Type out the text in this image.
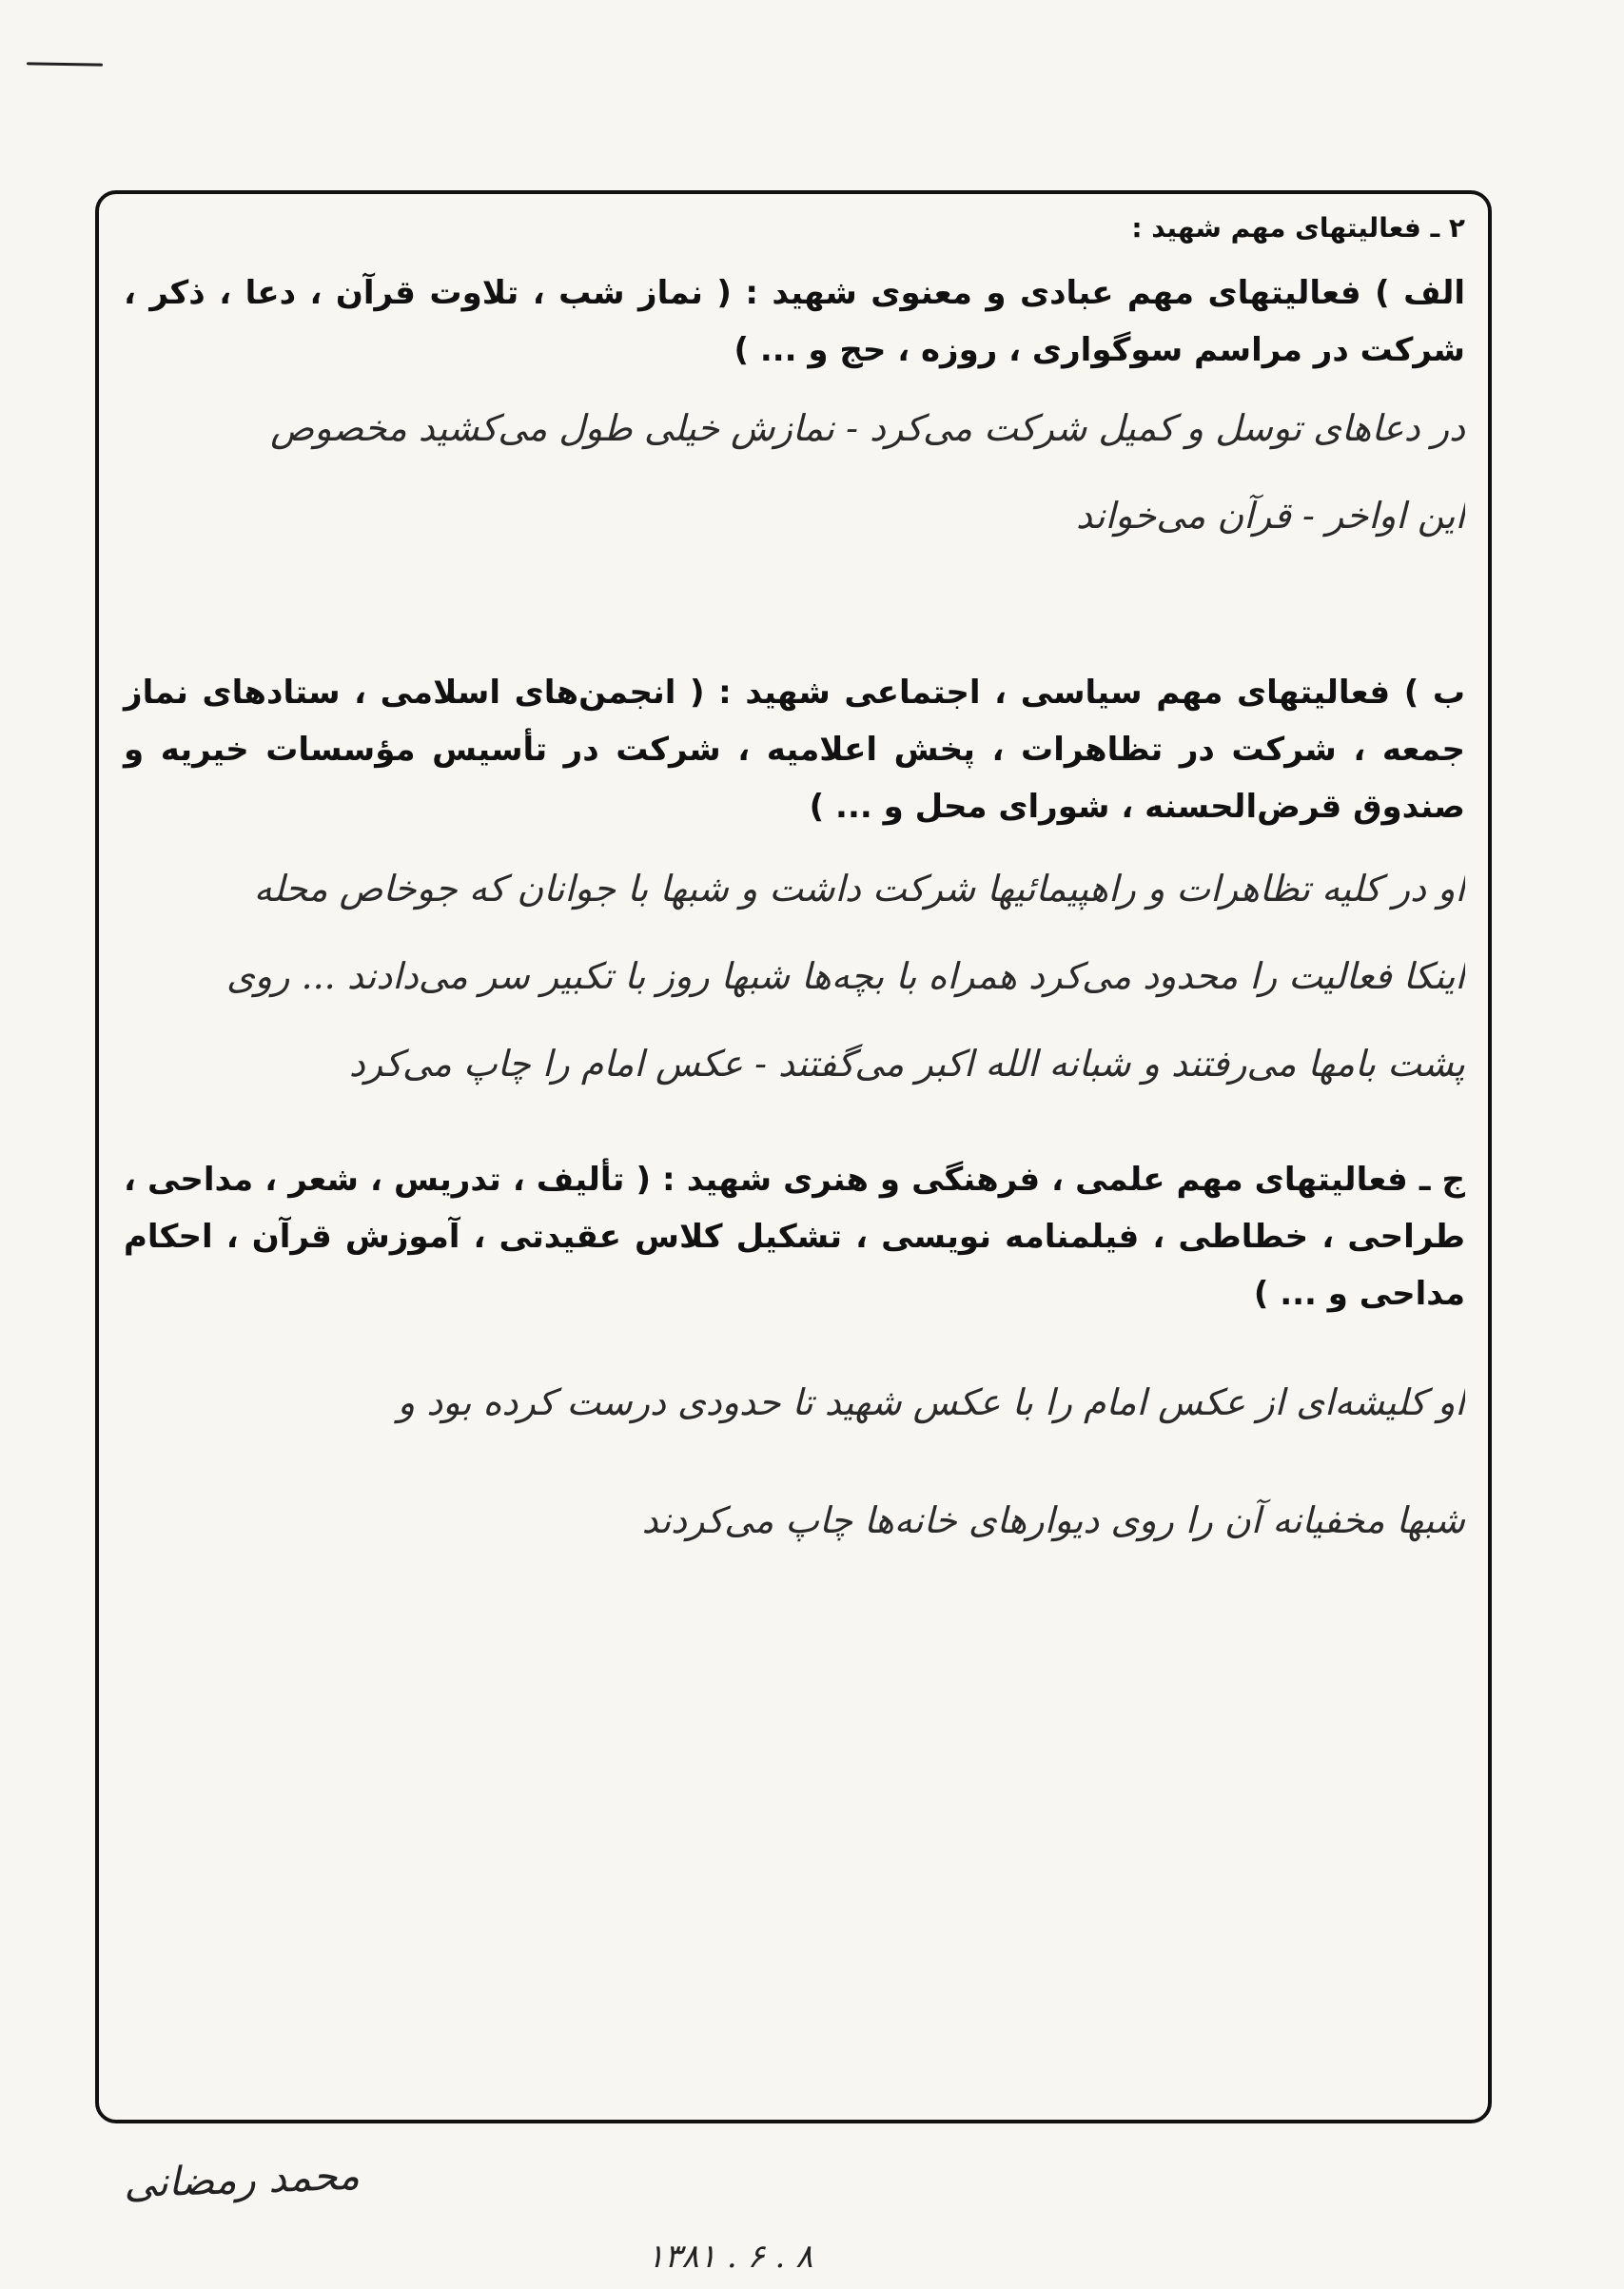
۲ ـ فعالیتهای مهم شهید :

الف ) فعالیتهای مهم عبادی و معنوی شهید : ( نماز شب ، تلاوت قرآن ، دعا ، ذکر ، شرکت در مراسم سوگواری ، روزه ، حج و ... )

در دعاهای توسل و کمیل شرکت می‌کرد - نمازش خیلی طول می‌کشید مخصوص
این اواخر - قرآن می‌خواند

ب ) فعالیتهای مهم سیاسی ، اجتماعی شهید : ( انجمن‌های اسلامی ، ستادهای نماز جمعه ، شرکت در تظاهرات ، پخش اعلامیه ، شرکت در تأسیس مؤسسات خیریه و صندوق قرض‌الحسنه ، شورای محل و ... )

او در کلیه تظاهرات و راهپیمائیها شرکت داشت و شبها با جوانان که جوخاص محله
اینکا فعالیت را محدود می‌کرد همراه با بچه‌ها شبها روز با تکبیر سر می‌دادند ... روی
پشت بامها می‌رفتند و شبانه الله اکبر می‌گفتند - عکس امام را چاپ می‌کرد

ج ـ فعالیتهای مهم علمی ، فرهنگی و هنری شهید : ( تألیف ، تدریس ، شعر ، مداحی ، طراحی ، خطاطی ، فیلمنامه نویسی ، تشکیل کلاس عقیدتی ، آموزش قرآن ، احکام مداحی و ... )

او کلیشه‌ای از عکس امام را با عکس شهید تا حدودی درست کرده بود و
شبها مخفیانه آن را روی دیوارهای خانه‌ها چاپ می‌کردند
محمد رمضانی
۸ . ۶ . ۱۳۸۱
